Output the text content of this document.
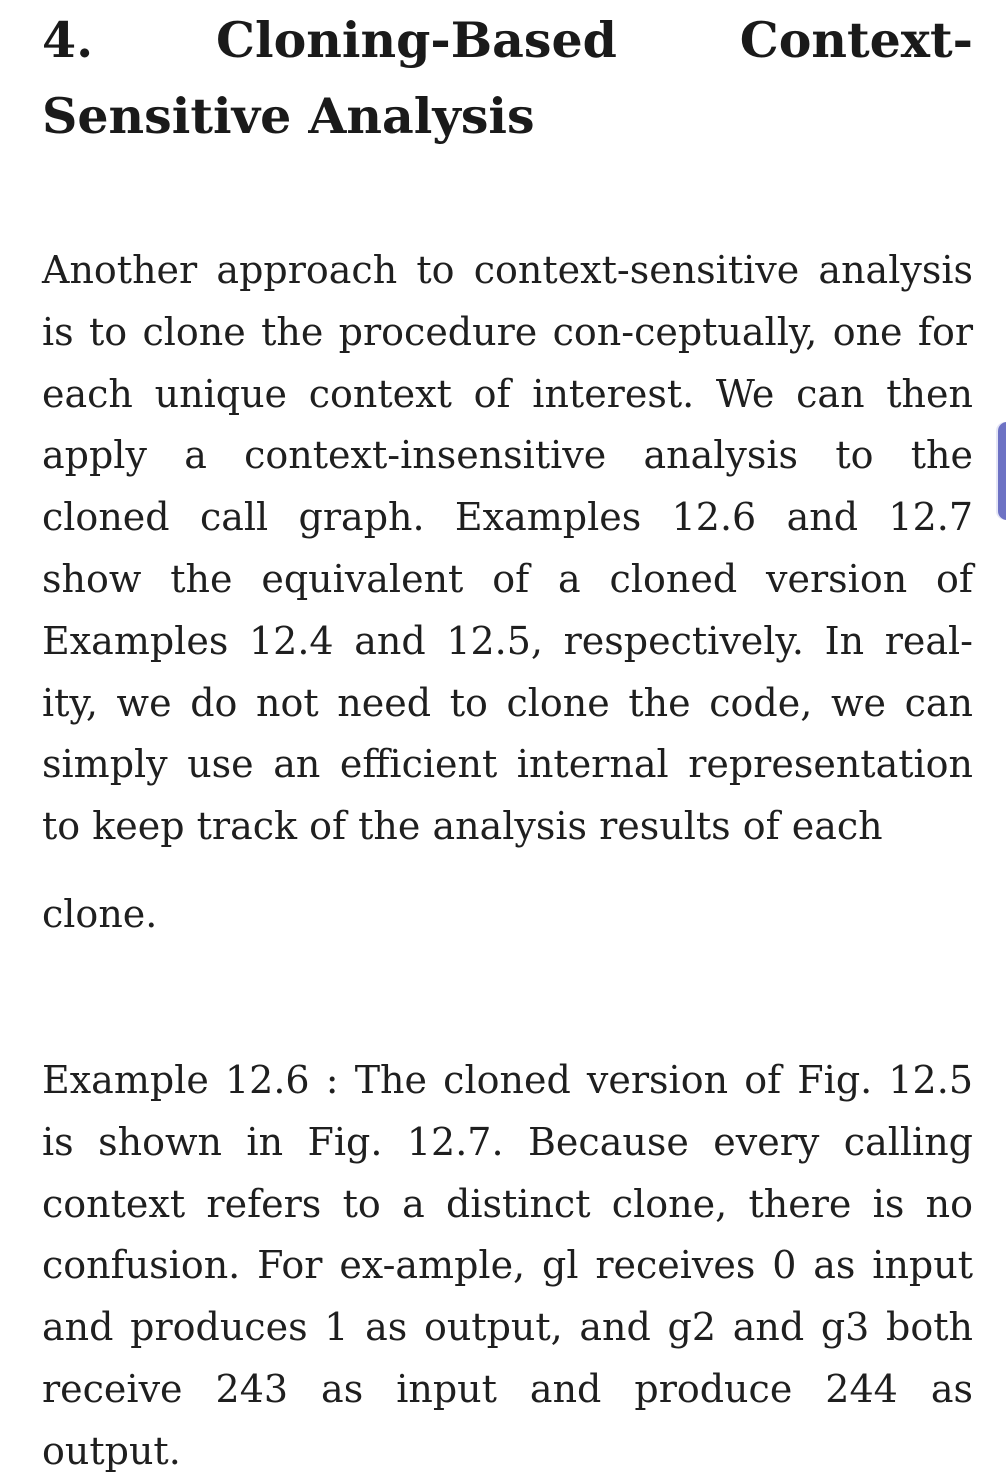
4.	Cloning-Based Context-Sensitive Analysis

Another approach to context-sensitive analysis is to clone the procedure con-ceptually, one for each unique context of interest. We can then apply a context-insensitive analysis to the cloned call graph. Examples 12.6 and 12.7 show the equivalent of a cloned version of Examples 12.4 and 12.5, respectively. In real-ity, we do not need to clone the code, we can simply use an efficient internal representation to keep track of the analysis results of each
clone.

Example 12.6 : The cloned version of Fig. 12.5 is shown in Fig. 12.7. Because every calling context refers to a distinct clone, there is no confusion. For ex-ample, gl receives 0 as input and produces 1 as output, and g2 and g3 both receive 243 as input and produce 244 as output.
